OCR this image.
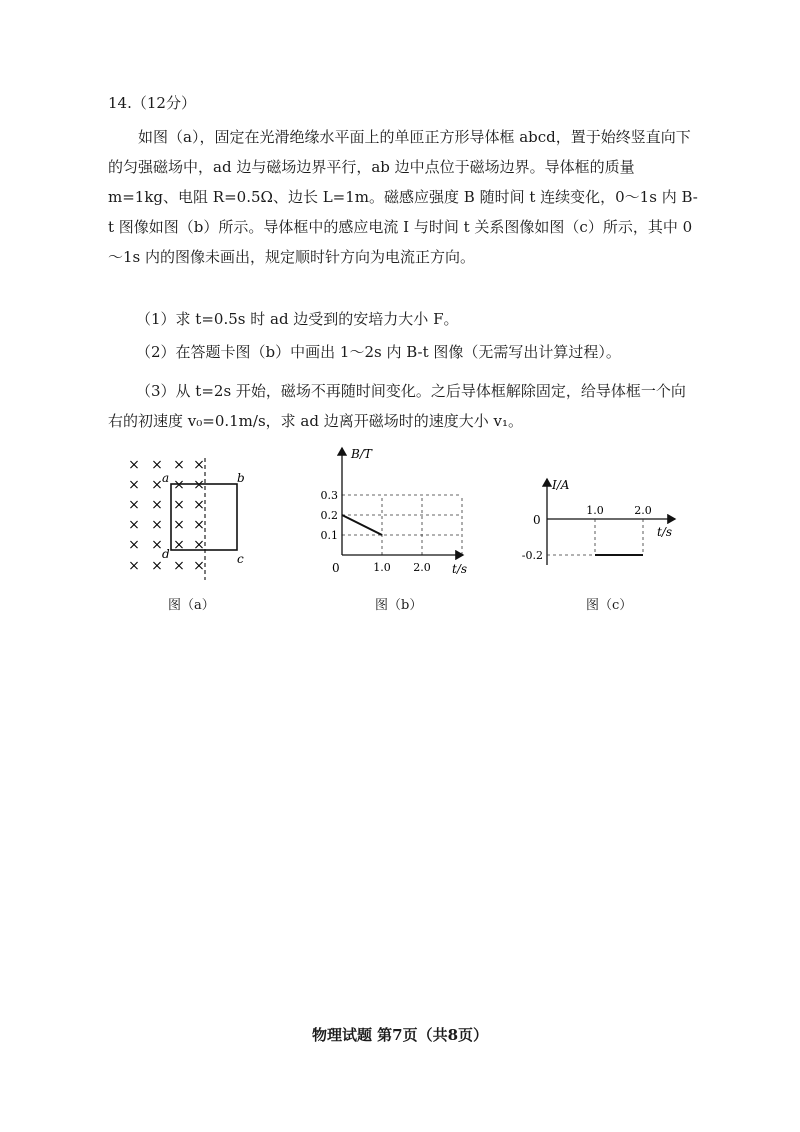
14.（12分）
如图（a），固定在光滑绝缘水平面上的单匝正方形导体框 abcd，置于始终竖直向下的匀强磁场中，ad 边与磁场边界平行，ab 边中点位于磁场边界。导体框的质量 m=1kg、电阻 R=0.5Ω、边长 L=1m。磁感应强度 B 随时间 t 连续变化，0～1s 内 B-t 图像如图（b）所示。导体框中的感应电流 I 与时间 t 关系图像如图（c）所示，其中 0～1s 内的图像未画出，规定顺时针方向为电流正方向。
（1）求 t=0.5s 时 ad 边受到的安培力大小 F。
（2）在答题卡图（b）中画出 1～2s 内 B-t 图像（无需写出计算过程）。
（3）从 t=2s 开始，磁场不再随时间变化。之后导体框解除固定，给导体框一个向右的初速度 v₀=0.1m/s，求 ad 边离开磁场时的速度大小 v₁。
× × × ×
× × × ×
× × × ×
× × × ×
× × × ×
× × × ×
a	b
c
d
图（a）
B/T
t/s
0
0.1
0.2
0.3
1.0 2.0
图（b）
I/A
t/s
0
1.0	2.0
-0.2
图（c）
物理试题 第7页（共8页）
